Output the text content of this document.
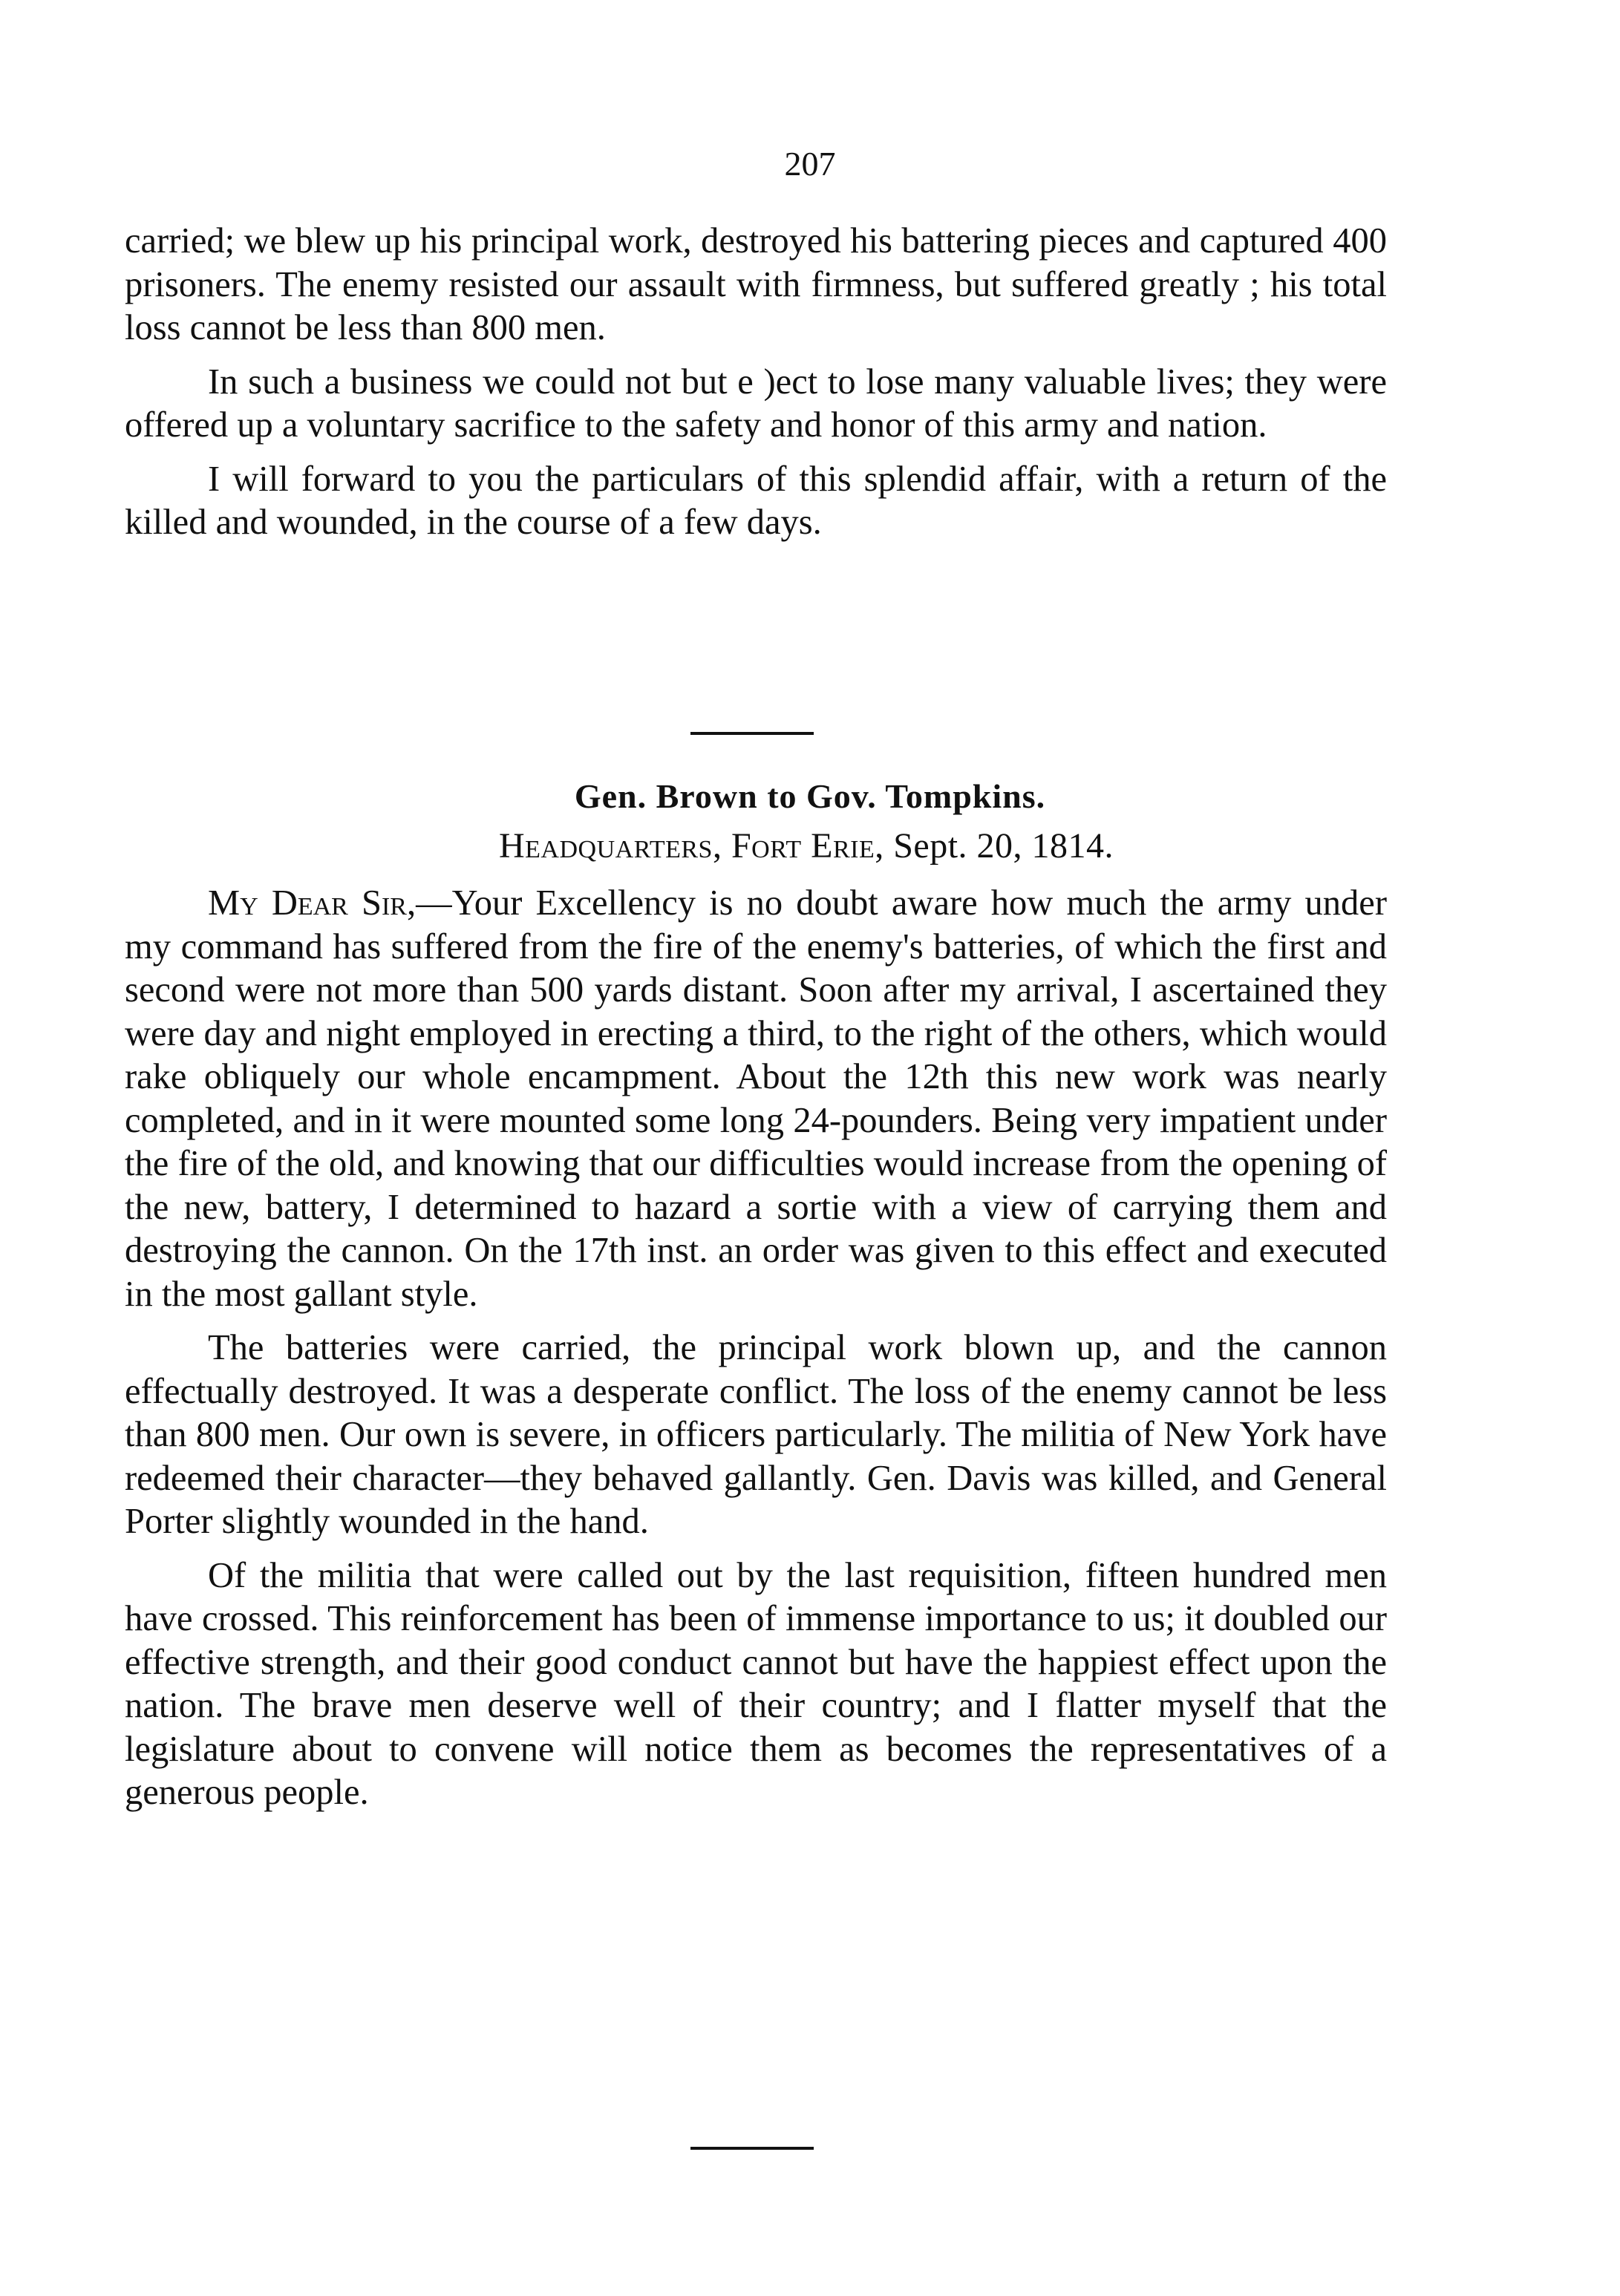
207

carried; we blew up his principal work, destroyed his battering pieces and captured 400 prisoners. The enemy resisted our assault with firmness, but suffered greatly ; his total loss cannot be less than 800 men.

In such a business we could not but e )ect to lose many valuable lives; they were offered up a voluntary sacrifice to the safety and honor of this army and nation.

I will forward to you the particulars of this splendid affair, with a return of the killed and wounded, in the course of a few days.

Gen. Brown to Gov. Tompkins.
Headquarters, Fort Erie, Sept. 20, 1814.

My Dear Sir,—Your Excellency is no doubt aware how much the army under my command has suffered from the fire of the enemy's batteries, of which the first and second were not more than 500 yards distant. Soon after my arrival, I ascertained they were day and night employed in erecting a third, to the right of the others, which would rake obliquely our whole encampment. About the 12th this new work was nearly completed, and in it were mounted some long 24-pounders. Being very impatient under the fire of the old, and knowing that our difficulties would increase from the opening of the new, battery, I determined to hazard a sortie with a view of carrying them and destroying the cannon. On the 17th inst. an order was given to this effect and executed in the most gallant style.

The batteries were carried, the principal work blown up, and the cannon effectually destroyed. It was a desperate conflict. The loss of the enemy cannot be less than 800 men. Our own is severe, in officers particularly. The militia of New York have redeemed their character—they behaved gallantly. Gen. Davis was killed, and General Porter slightly wounded in the hand.

Of the militia that were called out by the last requisition, fifteen hundred men have crossed. This reinforcement has been of immense importance to us; it doubled our effective strength, and their good conduct cannot but have the happiest effect upon the nation. The brave men deserve well of their country; and I flatter myself that the legislature about to convene will notice them as becomes the representatives of a generous people.
